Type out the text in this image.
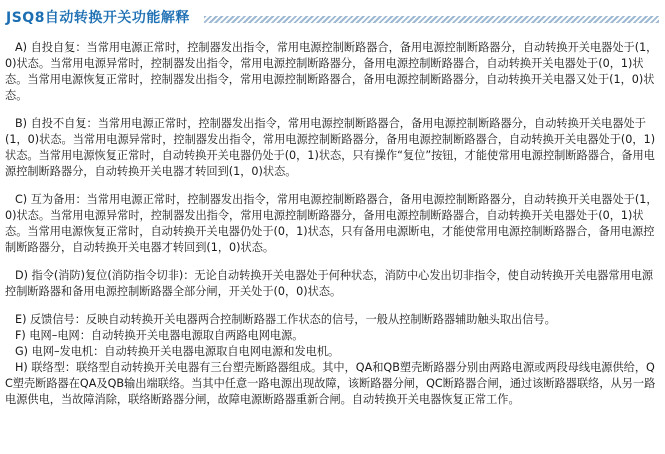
JSQ8自动转换开关功能解释

A) 自投自复：当常用电源正常时，控制器发出指令，常用电源控制断路器合，备用电源控制断路器分，自动转换开关电器处于(1，0)状态。当常用电源异常时，控制器发出指令，常用电源控制断路器分，备用电源控制断路器合，自动转换开关电器处于(0，1)状态。当常用电源恢复正常时，控制器发出指令，常用电源控制断路器合，备用电源控制断路器分，自动转换开关电器又处于(1，0)状态。

B) 自投不自复：当常用电源正常时，控制器发出指令，常用电源控制断路器合，备用电源控制断路器分，自动转换开关电器处于(1，0)状态。当常用电源异常时，控制器发出指令，常用电源控制断路器分，备用电源控制断路器合，自动转换开关电器处于(0，1)状态。当常用电源恢复正常时，自动转换开关电器仍处于(0，1)状态，只有操作“复位”按钮，才能使常用电源控制断路器合，备用电源控制断路器分，自动转换开关电器才转回到(1，0)状态。

C) 互为备用：当常用电源正常时，控制器发出指令，常用电源控制断路器合，备用电源控制断路器分，自动转换开关电器处于(1，0)状态。当常用电源异常时，控制器发出指令，常用电源控制断路器分，备用电源控制断路器合，自动转换开关电器处于(0，1)状态。当常用电源恢复正常时，自动转换开关电器仍处于(0，1)状态，只有备用电源断电，才能使常用电源控制断路器合，备用电源控制断路器分，自动转换开关电器才转回到(1，0)状态。

D) 指令(消防)复位(消防指令切非)：无论自动转换开关电器处于何种状态，消防中心发出切非指令，使自动转换开关电器常用电源控制断路器和备用电源控制断路器全部分闸，开关处于(0，0)状态。

E) 反馈信号：反映自动转换开关电器两合控制断路器工作状态的信号，一般从控制断路器辅助触头取出信号。

F) 电网–电网：自动转换开关电器电源取自两路电网电源。

G) 电网–发电机：自动转换开关电器电源取自电网电源和发电机。

H) 联络型：联络型自动转换开关电器有三台塑壳断路器组成。其中，QA和QB塑壳断路器分别由两路电源或两段母线电源供给，QC塑壳断路器在QA及QB输出端联络。当其中任意一路电源出现故障，该断路器分闸，QC断路器合闸，通过该断路器联络，从另一路电源供电，当故障消除，联络断路器分闸，故障电源断路器重新合闸。自动转换开关电器恢复正常工作。
